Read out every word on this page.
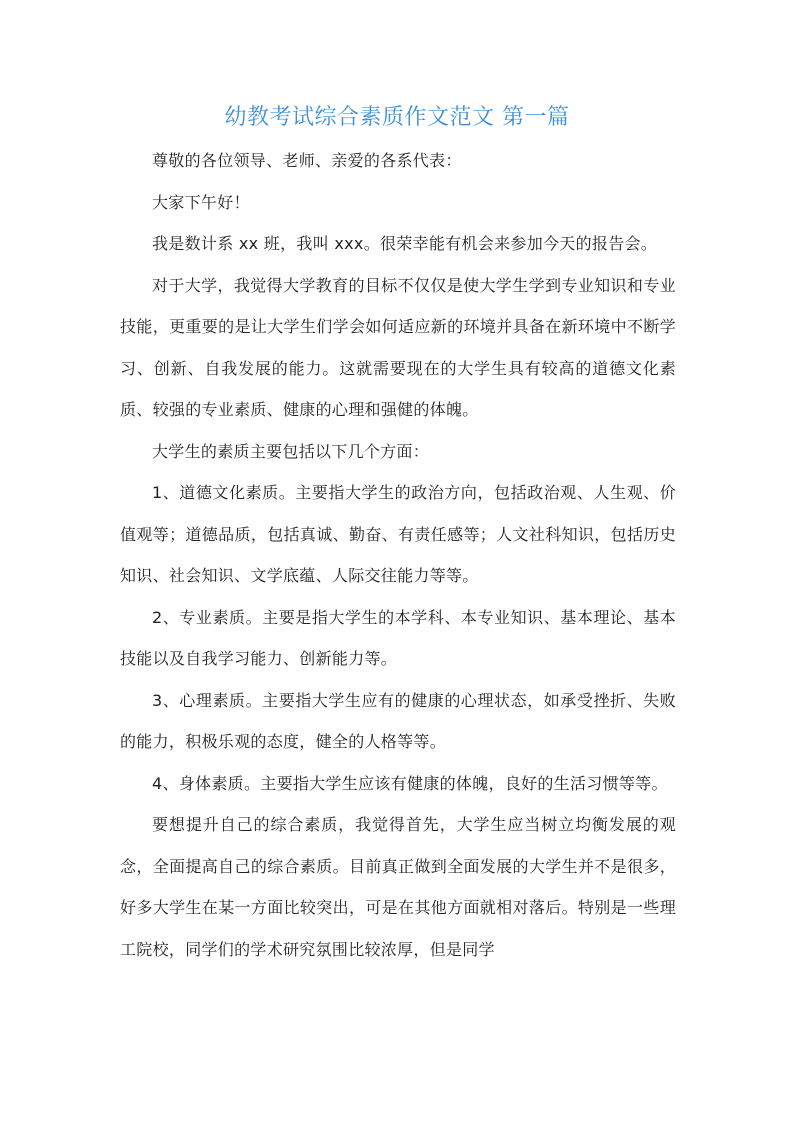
幼教考试综合素质作文范文 第一篇

尊敬的各位领导、老师、亲爱的各系代表：

大家下午好！

我是数计系 xx 班，我叫 xxx。很荣幸能有机会来参加今天的报告会。

对于大学，我觉得大学教育的目标不仅仅是使大学生学到专业知识和专业技能，更重要的是让大学生们学会如何适应新的环境并具备在新环境中不断学习、创新、自我发展的能力。这就需要现在的大学生具有较高的道德文化素质、较强的专业素质、健康的心理和强健的体魄。

大学生的素质主要包括以下几个方面：

1、道德文化素质。主要指大学生的政治方向，包括政治观、人生观、价值观等；道德品质，包括真诚、勤奋、有责任感等；人文社科知识，包括历史知识、社会知识、文学底蕴、人际交往能力等等。

2、专业素质。主要是指大学生的本学科、本专业知识、基本理论、基本技能以及自我学习能力、创新能力等。

3、心理素质。主要指大学生应有的健康的心理状态，如承受挫折、失败的能力，积极乐观的态度，健全的人格等等。

4、身体素质。主要指大学生应该有健康的体魄，良好的生活习惯等等。

要想提升自己的综合素质，我觉得首先，大学生应当树立均衡发展的观念，全面提高自己的综合素质。目前真正做到全面发展的大学生并不是很多，好多大学生在某一方面比较突出，可是在其他方面就相对落后。特别是一些理工院校，同学们的学术研究氛围比较浓厚，但是同学
